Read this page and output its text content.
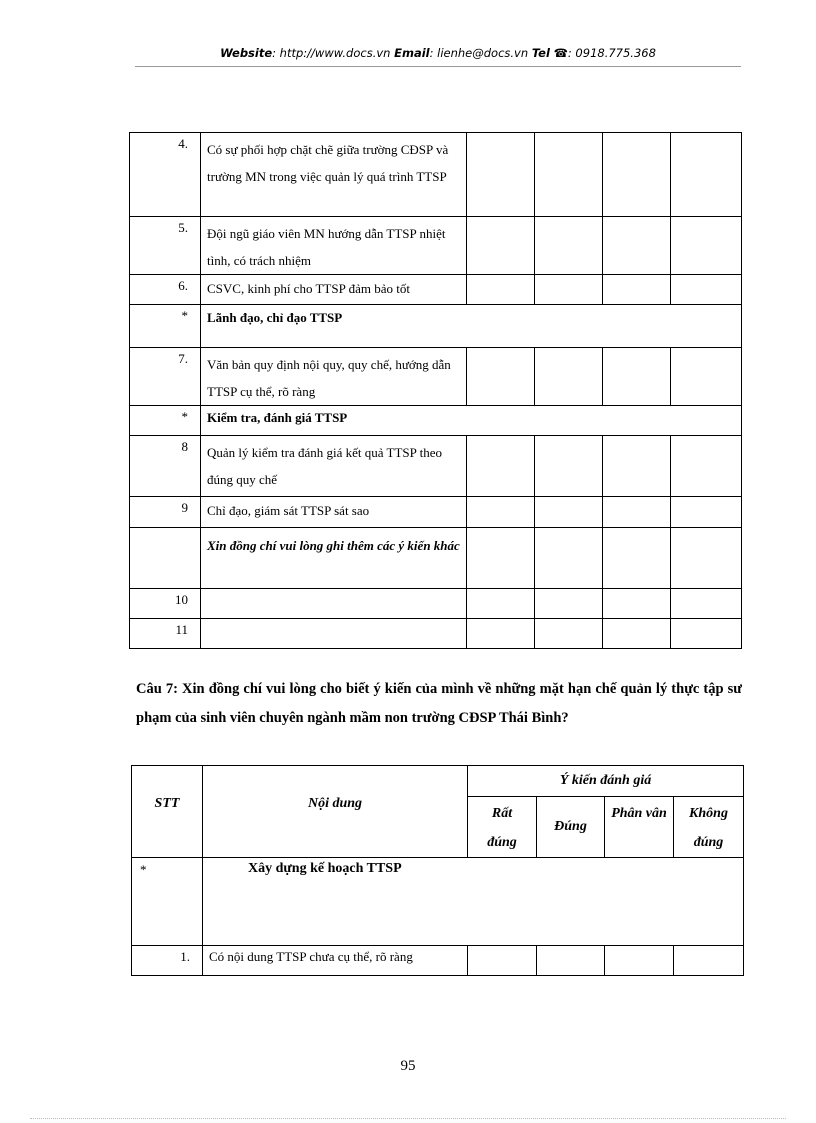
Website: http://www.docs.vn Email: lienhe@docs.vn Tel ☎: 0918.775.368
4.	Có sự phối hợp chặt chẽ giữa trường CĐSP và trường MN trong việc quản lý quá trình TTSP				
5.	Đội ngũ giáo viên MN hướng dẫn TTSP nhiệt tình, có trách nhiệm				
6.	CSVC, kinh phí cho TTSP đảm bảo tốt				
*	Lãnh đạo, chỉ đạo TTSP				
7.	Văn bản quy định nội quy, quy chế, hướng dẫn TTSP cụ thể, rõ ràng				
*	Kiểm tra, đánh giá TTSP				
8	Quản lý kiểm tra đánh giá kết quả TTSP theo đúng quy chế				
9	Chỉ đạo, giám sát TTSP sát sao				
	Xin đồng chí vui lòng ghi thêm các ý kiến khác				
10					
11					
Câu 7: Xin đồng chí vui lòng cho biết ý kiến của mình về những mặt hạn chế quản lý thực tập sư phạm của sinh viên chuyên ngành mầm non trường CĐSP Thái Bình?
STT	Nội dung	Ý kiến đánh giá			
		Rất đúng	Đúng	Phân vân	Không đúng
*	Xây dựng kế hoạch TTSP				
1.	Có nội dung TTSP chưa cụ thể, rõ ràng				
95
